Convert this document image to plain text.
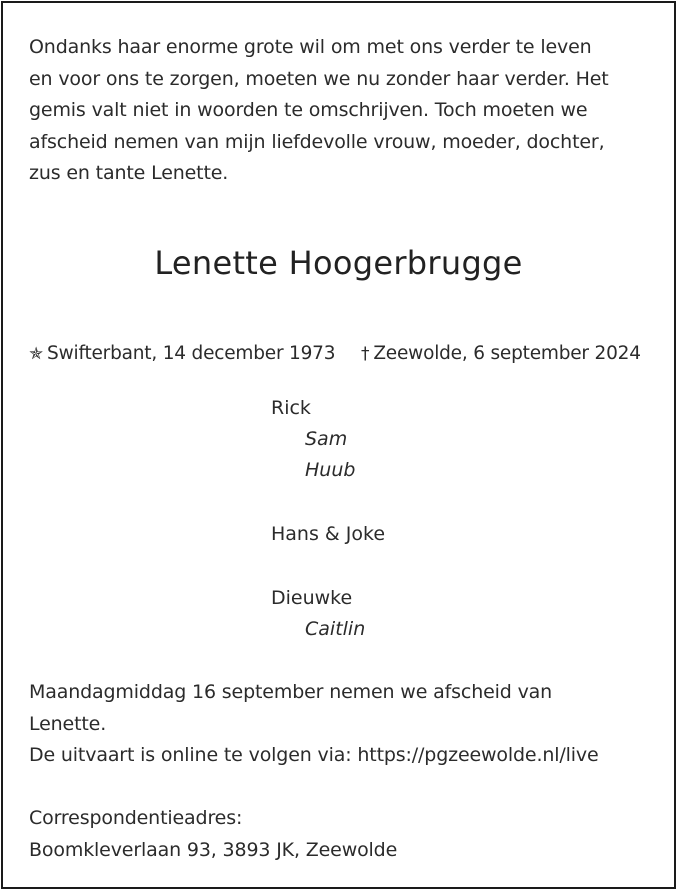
Ondanks haar enorme grote wil om met ons verder te leven
en voor ons te zorgen, moeten we nu zonder haar verder. Het
gemis valt niet in woorden te omschrijven. Toch moeten we
afscheid nemen van mijn liefdevolle vrouw, moeder, dochter,
zus en tante Lenette.
Lenette Hoogerbrugge
✯ Swifterbant, 14 december 1973 † Zeewolde, 6 september 2024
Rick
Sam
Huub
Hans & Joke
Dieuwke
Caitlin
Maandagmiddag 16 september nemen we afscheid van
Lenette.
De uitvaart is online te volgen via: https://pgzeewolde.nl/live

Correspondentieadres:
Boomkleverlaan 93, 3893 JK, Zeewolde
